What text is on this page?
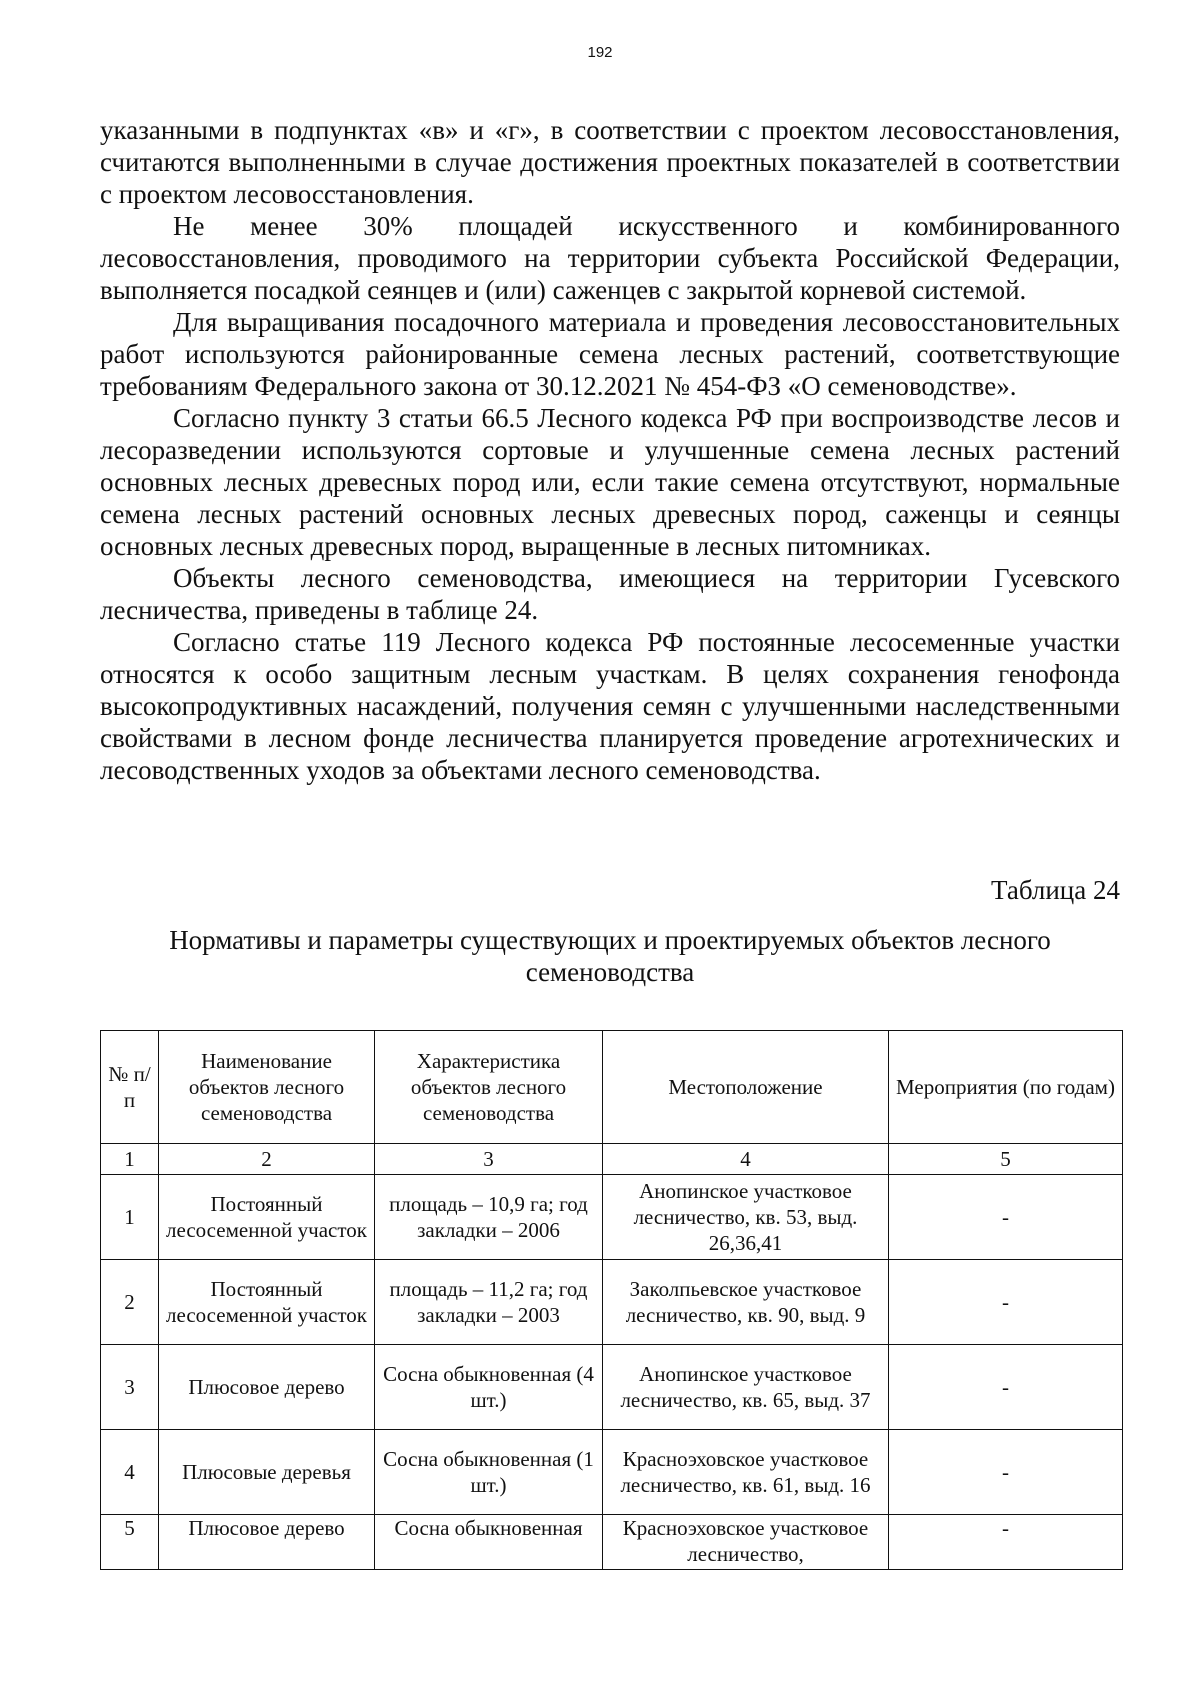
192

указанными в подпунктах «в» и «г», в соответствии с проектом лесовосстановления, считаются выполненными в случае достижения проектных показателей в соответствии с проектом лесовосстановления.

Не менее 30% площадей искусственного и комбинированного лесовосстановления, проводимого на территории субъекта Российской Федерации, выполняется посадкой сеянцев и (или) саженцев с закрытой корневой системой.

Для выращивания посадочного материала и проведения лесовосстановительных работ используются районированные семена лесных растений, соответствующие требованиям Федерального закона от 30.12.2021 № 454-ФЗ «О семеноводстве».

Согласно пункту 3 статьи 66.5 Лесного кодекса РФ при воспроизводстве лесов и лесоразведении используются сортовые и улучшенные семена лесных растений основных лесных древесных пород или, если такие семена отсутствуют, нормальные семена лесных растений основных лесных древесных пород, саженцы и сеянцы основных лесных древесных пород, выращенные в лесных питомниках.

Объекты лесного семеноводства, имеющиеся на территории Гусевского лесничества, приведены в таблице 24.

Согласно статье 119 Лесного кодекса РФ постоянные лесосеменные участки относятся к особо защитным лесным участкам. В целях сохранения генофонда высокопродуктивных насаждений, получения семян с улучшенными наследственными свойствами в лесном фонде лесничества планируется проведение агротехнических и лесоводственных уходов за объектами лесного семеноводства.

Таблица 24
Нормативы и параметры существующих и проектируемых объектов лесного семеноводства
№ п/п	Наименование объектов лесного семеноводства	Характеристика объектов лесного семеноводства	Местоположение	Мероприятия (по годам)
1	2	3	4	5
1	Постоянный лесосеменной участок	площадь – 10,9 га; год закладки – 2006	Анопинское участковое лесничество, кв. 53, выд. 26,36,41	-
2	Постоянный лесосеменной участок	площадь – 11,2 га; год закладки – 2003	Заколпьевское участковое лесничество, кв. 90, выд. 9	-
3	Плюсовое дерево	Сосна обыкновенная (4 шт.)	Анопинское участковое лесничество, кв. 65, выд. 37	-
4	Плюсовые деревья	Сосна обыкновенная (1 шт.)	Красноэховское участковое лесничество, кв. 61, выд. 16	-
5	Плюсовое дерево	Сосна обыкновенная	Красноэховское участковое лесничество,	-
